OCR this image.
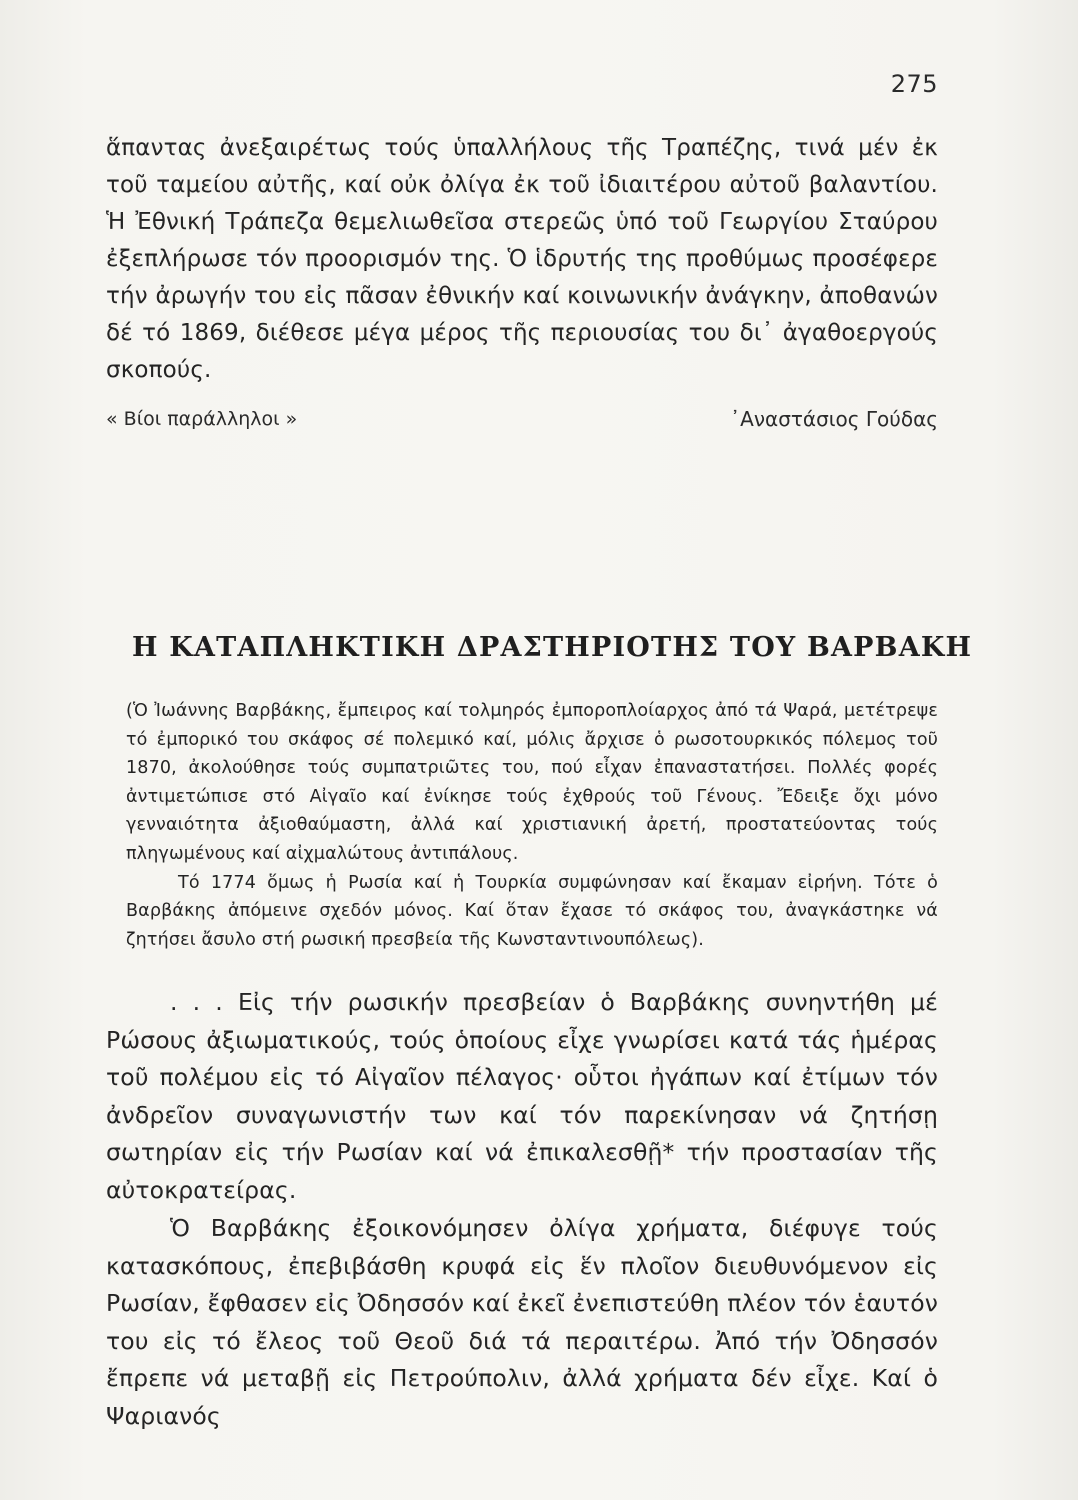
275

ἅπαντας ἀνεξαιρέτως τούς ὑπαλλήλους τῆς Τραπέζης, τινά μέν ἐκ τοῦ ταμείου αὐτῆς, καί οὐκ ὀλίγα ἐκ τοῦ ἰδιαιτέρου αὐτοῦ βαλαντίου. Ἡ Ἐθνική Τράπεζα θεμελιωθεῖσα στερεῶς ὑπό τοῦ Γεωργίου Σταύρου ἐξεπλήρωσε τόν προορισμόν της. Ὁ ἱδρυτής της προθύμως προσέφερε τήν ἀρωγήν του εἰς πᾶσαν ἐθνικήν καί κοινωνικήν ἀνάγκην, ἀποθανών δέ τό 1869, διέθεσε μέγα μέρος τῆς περιουσίας του δι᾽ ἀγαθοεργούς σκοπούς.

« Βίοι παράλληλοι »	᾽Αναστάσιος Γούδας
Η ΚΑΤΑΠΛΗΚΤΙΚΗ ΔΡΑΣΤΗΡΙΟΤΗΣ ΤΟΥ ΒΑΡΒΑΚΗ

(Ὁ Ἰωάννης Βαρβάκης, ἔμπειρος καί τολμηρός ἐμποροπλοίαρχος ἀπό τά Ψαρά, μετέτρεψε τό ἐμπορικό του σκάφος σέ πολεμικό καί, μόλις ἄρχισε ὁ ρωσοτουρκικός πόλεμος τοῦ 1870, ἀκολούθησε τούς συμπατριῶτες του, πού εἶχαν ἐπαναστατήσει. Πολλές φορές ἀντιμετώπισε στό Αἰγαῖο καί ἐνίκησε τούς ἐχθρούς τοῦ Γένους. Ἔδειξε ὄχι μόνο γενναιότητα ἀξιοθαύμαστη, ἀλλά καί χριστιανική ἀρετή, προστατεύοντας τούς πληγωμένους καί αἰχμαλώτους ἀντιπάλους.

Τό 1774 ὅμως ἡ Ρωσία καί ἡ Τουρκία συμφώνησαν καί ἔκαμαν εἰρήνη. Τότε ὁ Βαρβάκης ἀπόμεινε σχεδόν μόνος. Καί ὅταν ἔχασε τό σκάφος του, ἀναγκάστηκε νά ζητήσει ἄσυλο στή ρωσική πρεσβεία τῆς Κωνσταντινουπόλεως).

. . . Εἰς τήν ρωσικήν πρεσβείαν ὁ Βαρβάκης συνηντήθη μέ Ρώσους ἀξιωματικούς, τούς ὁποίους εἶχε γνωρίσει κατά τάς ἡμέρας τοῦ πολέμου εἰς τό Αἰγαῖον πέλαγος· οὗτοι ἠγάπων καί ἐτίμων τόν ἀνδρεῖον συναγωνιστήν των καί τόν παρεκίνησαν νά ζητήσῃ σωτηρίαν εἰς τήν Ρωσίαν καί νά ἐπικαλεσθῇ* τήν προστασίαν τῆς αὐτοκρατείρας.

Ὁ Βαρβάκης ἐξοικονόμησεν ὀλίγα χρήματα, διέφυγε τούς κατασκόπους, ἐπεβιβάσθη κρυφά εἰς ἕν πλοῖον διευθυνόμενον εἰς Ρωσίαν, ἔφθασεν εἰς Ὀδησσόν καί ἐκεῖ ἐνεπιστεύθη πλέον τόν ἑαυτόν του εἰς τό ἔλεος τοῦ Θεοῦ διά τά περαιτέρω. Ἀπό τήν Ὀδησσόν ἔπρεπε νά μεταβῇ εἰς Πετρούπολιν, ἀλλά χρήματα δέν εἶχε. Καί ὁ Ψαριανός
